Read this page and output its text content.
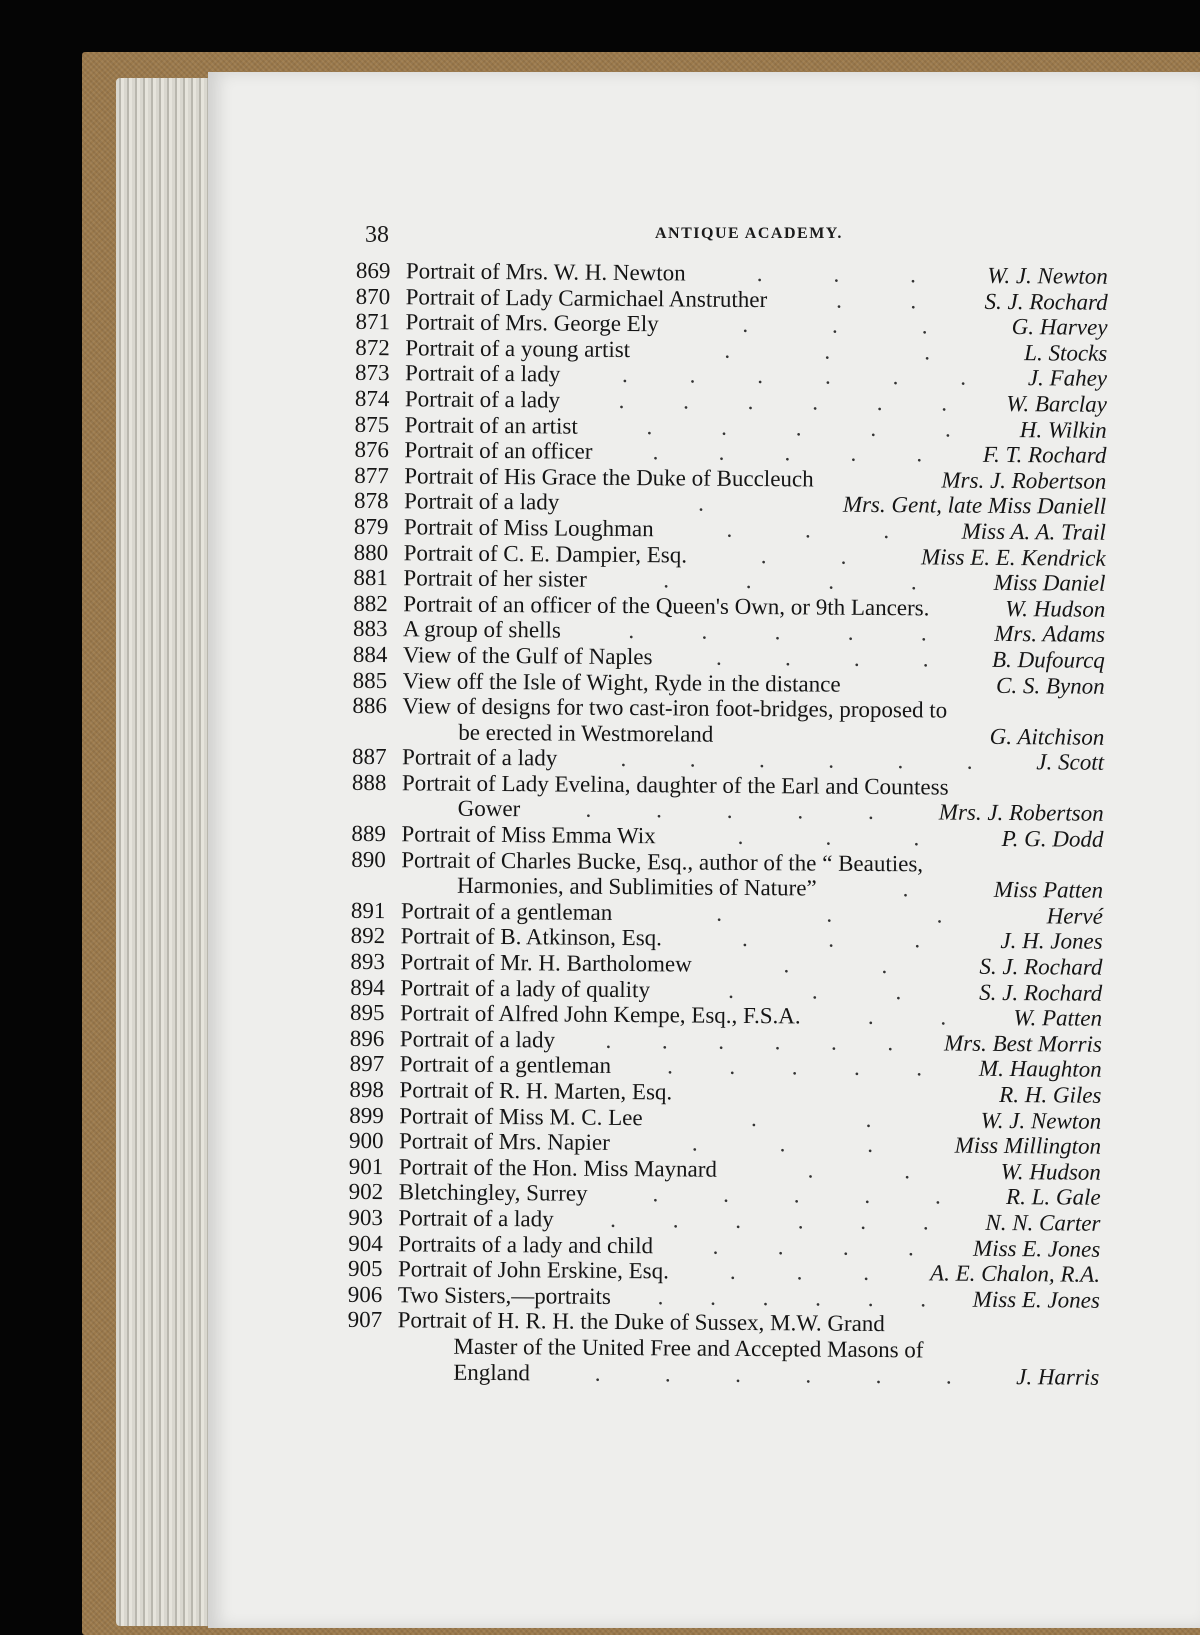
38	ANTIQUE ACADEMY.
869 Portrait of Mrs. W. H. Newton	.	.	.	W. J. Newton
870 Portrait of Lady Carmichael Anstruther	.	.	S. J. Rochard
871 Portrait of Mrs. George Ely	.	.	.	G. Harvey
872 Portrait of a young artist	.	.	.	L. Stocks
873 Portrait of a lady	.	.	.	.	.	.	J. Fahey
874 Portrait of a lady	.	.	.	.	.	.	W. Barclay
875 Portrait of an artist	.	.	.	.	.	H. Wilkin
876 Portrait of an officer	.	.	.	.	.	F. T. Rochard
877 Portrait of His Grace the Duke of Buccleuch	Mrs. J. Robertson
878 Portrait of a lady	.	Mrs. Gent, late Miss Daniell
879 Portrait of Miss Loughman	.	.	.	Miss A. A. Trail
880 Portrait of C. E. Dampier, Esq.	.	.	Miss E. E. Kendrick
881 Portrait of her sister	.	.	.	.	Miss Daniel
882 Portrait of an officer of the Queen's Own, or 9th Lancers.	W. Hudson
883 A group of shells	.	.	.	.	.	Mrs. Adams
884 View of the Gulf of Naples	.	.	.	.	B. Dufourcq
885 View off the Isle of Wight, Ryde in the distance	C. S. Bynon
886 View of designs for two cast-iron foot-bridges, proposed to
be erected in Westmoreland	G. Aitchison
887 Portrait of a lady	.	.	.	.	.	.	J. Scott
888 Portrait of Lady Evelina, daughter of the Earl and Countess
Gower	.	.	.	.	.	Mrs. J. Robertson
889 Portrait of Miss Emma Wix	.	.	.	P. G. Dodd
890 Portrait of Charles Bucke, Esq., author of the “ Beauties,
Harmonies, and Sublimities of Nature”	.	Miss Patten
891 Portrait of a gentleman	.	.	.	Hervé
892 Portrait of B. Atkinson, Esq.	.	.	.	J. H. Jones
893 Portrait of Mr. H. Bartholomew	.	.	S. J. Rochard
894 Portrait of a lady of quality	.	.	.	S. J. Rochard
895 Portrait of Alfred John Kempe, Esq., F.S.A.	.	.	W. Patten
896 Portrait of a lady . . . . . . Mrs. Best Morris
897 Portrait of a gentleman . . . . . M. Haughton
898 Portrait of R. H. Marten, Esq.	R. H. Giles
899 Portrait of Miss M. C. Lee	.	.	W. J. Newton
900 Portrait of Mrs. Napier	.	.	.	Miss Millington
901 Portrait of the Hon. Miss Maynard	.	.	W. Hudson
902 Bletchingley, Surrey	.	.	.	.	.	R. L. Gale
903 Portrait of a lady . . . . . . N. N. Carter
904 Portraits of a lady and child	.	.	.	.	Miss E. Jones
905 Portrait of John Erskine, Esq.	.	.	.	A. E. Chalon, R.A.
906 Two Sisters,—portraits . . . . . . Miss E. Jones
907 Portrait of H. R. H. the Duke of Sussex, M.W. Grand
Master of the United Free and Accepted Masons of
England	.	.	.	.	.	.	J. Harris
